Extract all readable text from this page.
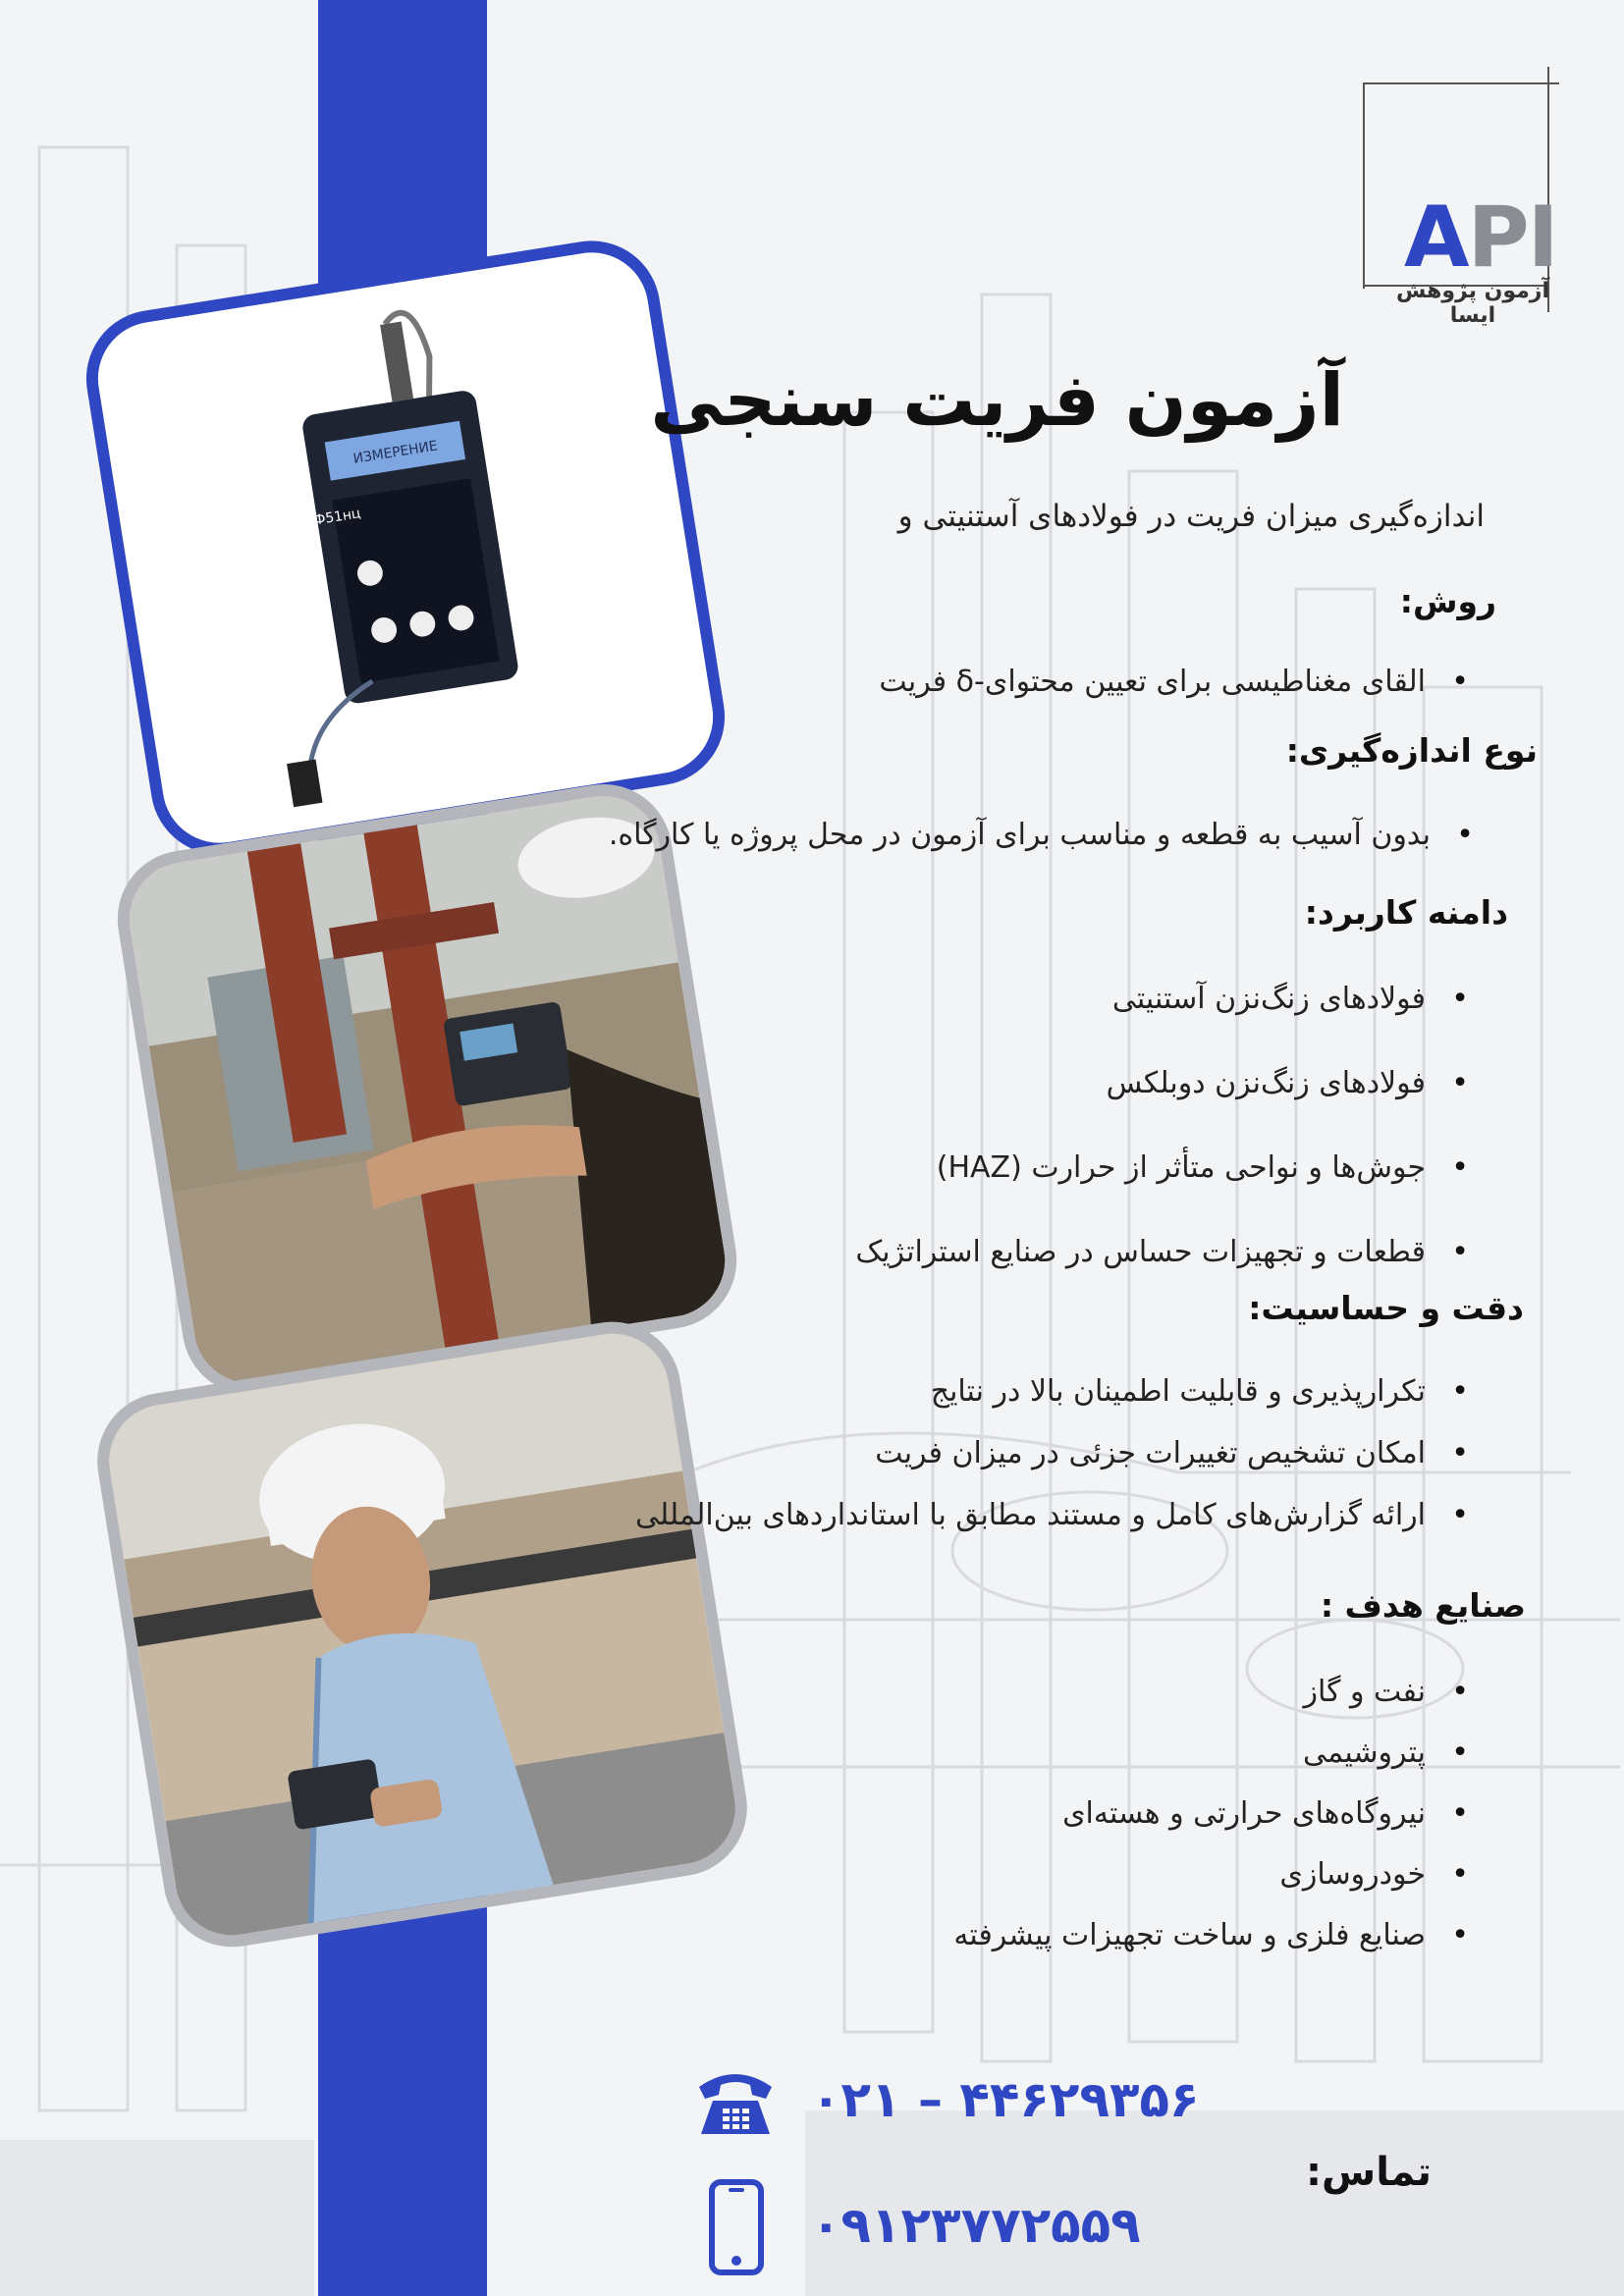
ИЗМЕРЕНИЕ
МФ51нц
API
آزمون پژوهش ایسا
آزمون فریت سنجی
اندازه‌گیری میزان فریت در فولادهای آستنیتی و
روش:
• القای مغناطیسی برای تعیین محتوای-δ فریت
نوع اندازه‌گیری:
• بدون آسیب به قطعه و مناسب برای آزمون در محل پروژه یا کارگاه.
دامنه کاربرد:
• فولادهای زنگ‌نزن آستنیتی
• فولادهای زنگ‌نزن دوبلکس
• جوش‌ها و نواحی متأثر از حرارت (HAZ)
• قطعات و تجهیزات حساس در صنایع استراتژیک
دقت و حساسیت:
• تکرارپذیری و قابلیت اطمینان بالا در نتایج
• امکان تشخیص تغییرات جزئی در میزان فریت
• ارائه گزارش‌های کامل و مستند مطابق با استانداردهای بین‌المللی
صنایع هدف :
• نفت و گاز
• پتروشیمی
• نیروگاه‌های حرارتی و هسته‌ای
• خودروسازی
• صنایع فلزی و ساخت تجهیزات پیشرفته
۰۲۱ – ۴۴۶۲۹۳۵۶
۰۹۱۲۳۷۷۲۵۵۹
تماس:
